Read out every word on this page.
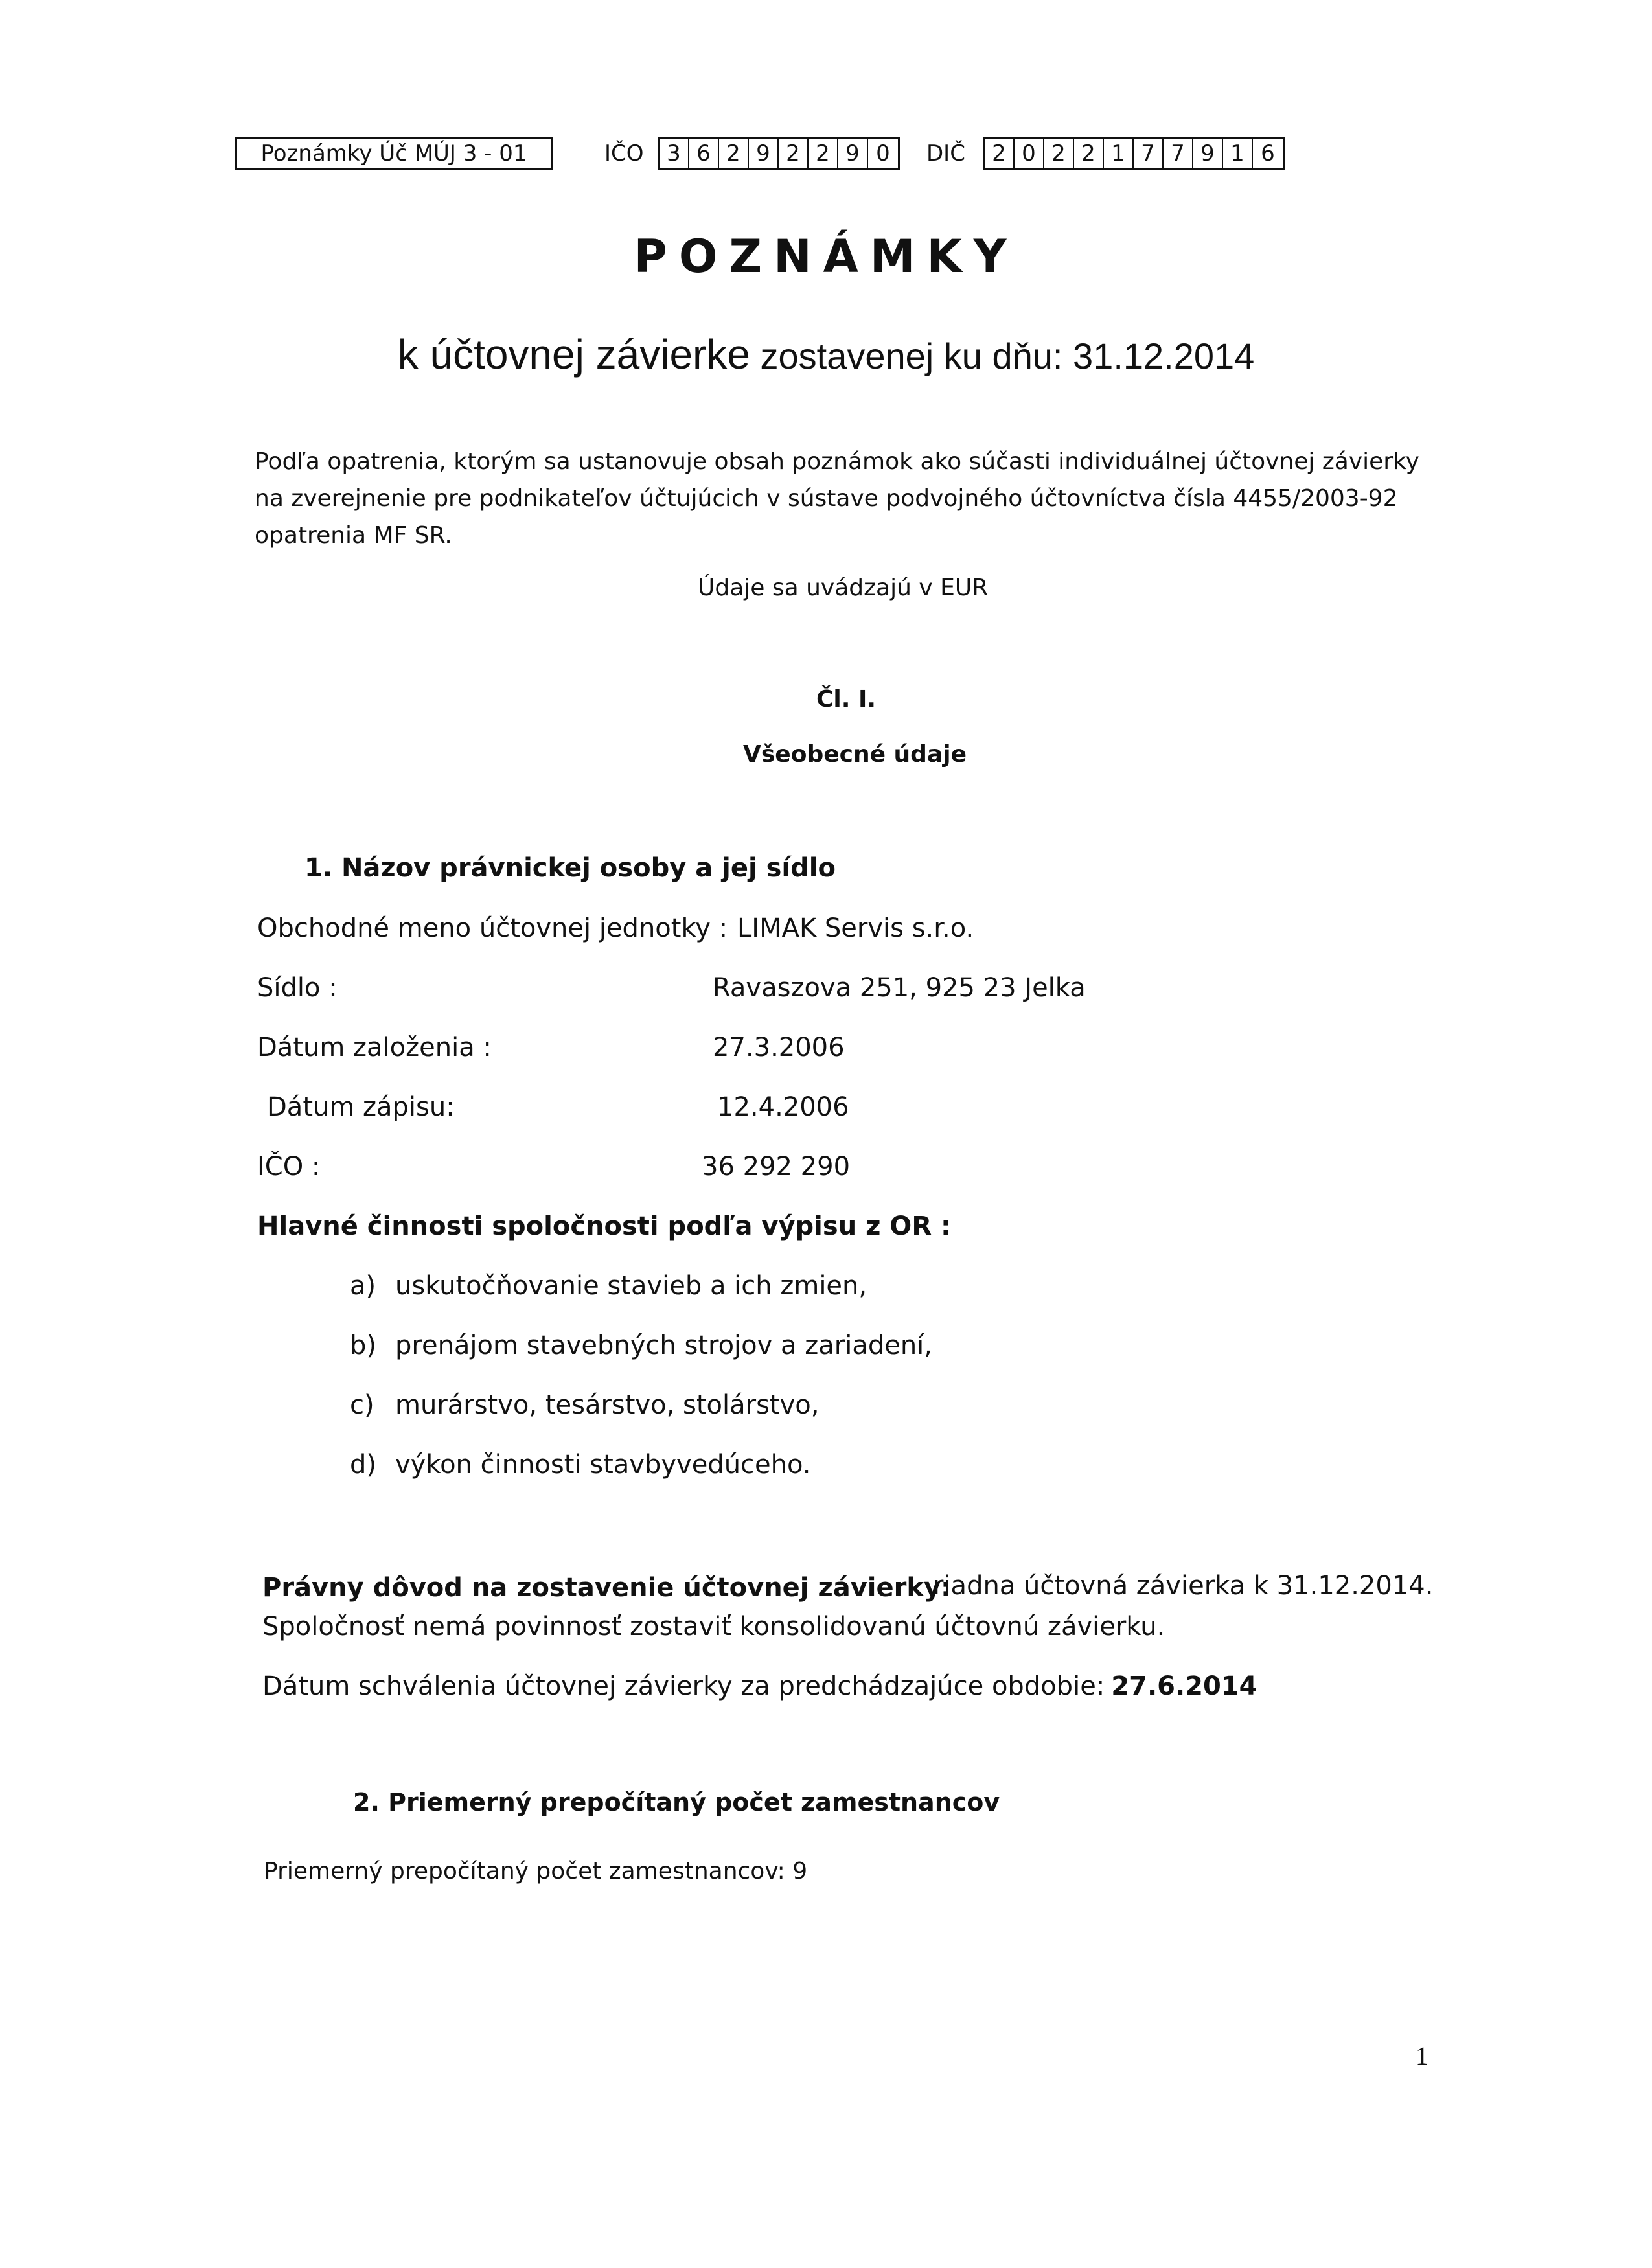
Poznámky Úč MÚJ 3 - 01	IČO	3 6 2 9 2 2 9 0	DIČ	2 0 2 2 1 7 7 9 1 6
POZNÁMKY
k účtovnej závierke zostavenej ku dňu: 31.12.2014
Podľa opatrenia, ktorým sa ustanovuje obsah poznámok ako súčasti individuálnej účtovnej závierky
na zverejnenie pre podnikateľov účtujúcich v sústave podvojného účtovníctva čísla 4455/2003-92
opatrenia MF SR.
Údaje sa uvádzajú v EUR
Čl. I.
Všeobecné údaje
1. Názov právnickej osoby a jej sídlo
Obchodné meno účtovnej jednotky : LIMAK Servis s.r.o.
Sídlo :	Ravaszova 251, 925 23 Jelka
Dátum založenia :	27.3.2006
Dátum zápisu:	12.4.2006
IČO :	36 292 290
Hlavné činnosti spoločnosti podľa výpisu z OR :
a) uskutočňovanie stavieb a ich zmien,
b) prenájom stavebných strojov a zariadení,
c) murárstvo, tesárstvo, stolárstvo,
d) výkon činnosti stavbyvedúceho.
Právny dôvod na zostavenie účtovnej závierky:
riadna účtovná závierka k 31.12.2014.
Spoločnosť nemá povinnosť zostaviť konsolidovanú účtovnú závierku.
Dátum schválenia účtovnej závierky za predchádzajúce obdobie: 27.6.2014
2. Priemerný prepočítaný počet zamestnancov
Priemerný prepočítaný počet zamestnancov: 9
1
